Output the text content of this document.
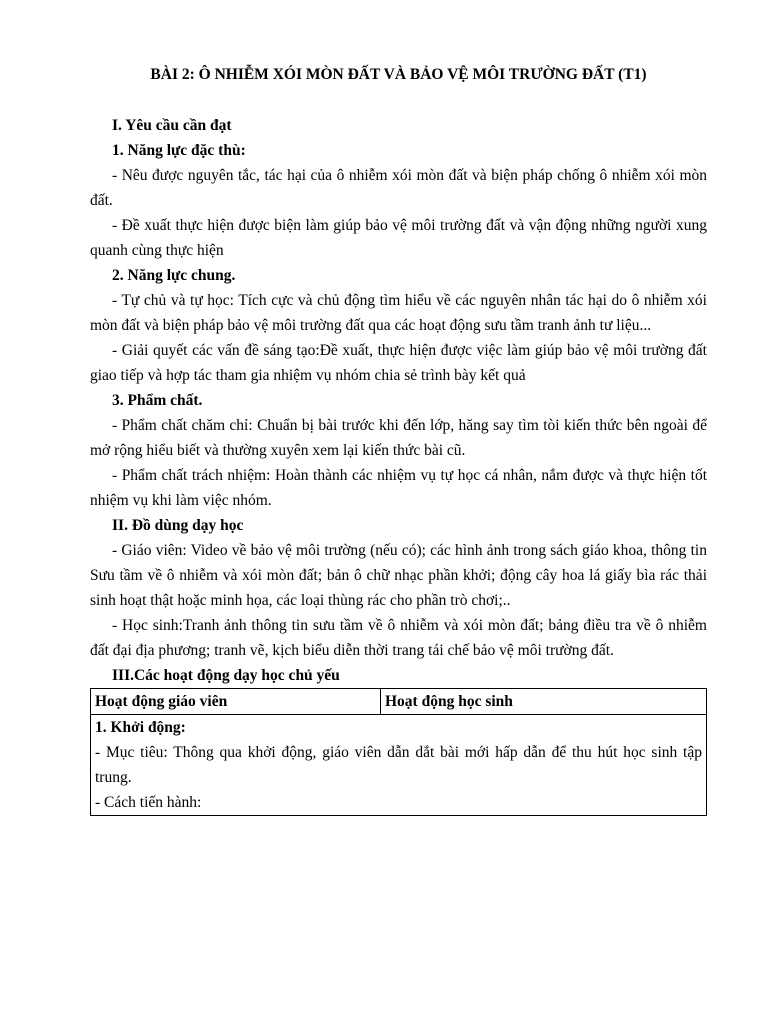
BÀI 2: Ô NHIỄM XÓI MÒN ĐẤT VÀ BẢO VỆ MÔI TRƯỜNG ĐẤT (T1)

I. Yêu cầu cần đạt

1. Năng lực đặc thù:

- Nêu được nguyên tắc, tác hại của ô nhiễm xói mòn đất và biện pháp chống ô nhiễm xói mòn đất.

- Đề xuất thực hiện được biện làm giúp bảo vệ môi trường đất và vận động những người xung quanh cùng thực hiện

2. Năng lực chung.

- Tự chủ và tự học: Tích cực và chủ động tìm hiểu về các nguyên nhân tác hại do ô nhiễm xói mòn đất và biện pháp bảo vệ môi trường đất qua các hoạt động sưu tầm tranh ảnh tư liệu...

- Giải quyết các vấn đề sáng tạo:Đề xuất, thực hiện được việc làm giúp bảo vệ môi trường đất giao tiếp và hợp tác tham gia nhiệm vụ nhóm chia sẻ trình bày kết quả

3. Phẩm chất.

- Phẩm chất chăm chỉ: Chuẩn bị bài trước khi đến lớp, hăng say tìm tòi kiến thức bên ngoài để mở rộng hiểu biết và thường xuyên xem lại kiến thức bài cũ.

- Phẩm chất trách nhiệm: Hoàn thành các nhiệm vụ tự học cá nhân, nắm được và thực hiện tốt nhiệm vụ khi làm việc nhóm.

II. Đồ dùng dạy học

- Giáo viên: Video về bảo vệ môi trường (nếu có); các hình ảnh trong sách giáo khoa, thông tin Sưu tầm về ô nhiễm và xói mòn đất; bản ô chữ nhạc phần khởi; động cây hoa lá giấy bìa rác thải sinh hoạt thật hoặc minh họa, các loại thùng rác cho phần trò chơi;..

- Học sinh:Tranh ảnh thông tin sưu tầm về ô nhiễm và xói mòn đất; bảng điều tra về ô nhiễm đất đại địa phương; tranh vẽ, kịch biểu diễn thời trang tái chế bảo vệ môi trường đất.

III.Các hoạt động dạy học chủ yếu

Hoạt động giáo viên	Hoạt động học sinh

1. Khởi động:

- Mục tiêu: Thông qua khởi động, giáo viên dẫn dắt bài mới hấp dẫn để thu hút học sinh tập trung.

- Cách tiến hành:
